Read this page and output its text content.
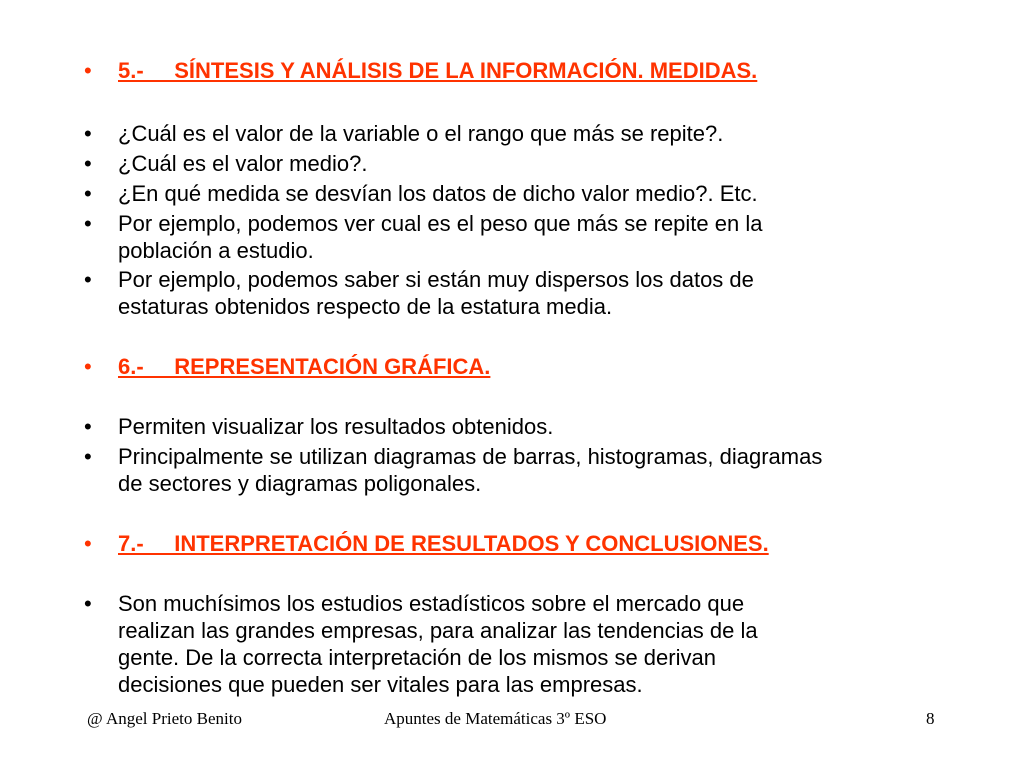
•	5.-     SÍNTESIS Y ANÁLISIS DE LA INFORMACIÓN. MEDIDAS.
•	¿Cuál es el valor de la variable o el rango que más se repite?.
•	¿Cuál es el valor medio?.
•	¿En qué medida se desvían los datos de dicho valor medio?. Etc.
•	Por ejemplo, podemos ver cual es el peso que más se repite en la
población a estudio.
•	Por ejemplo, podemos saber si están muy dispersos los datos de
estaturas obtenidos respecto de la estatura media.
•	6.-     REPRESENTACIÓN GRÁFICA.
•	Permiten visualizar los resultados obtenidos.
•	Principalmente se utilizan diagramas de barras, histogramas, diagramas
de sectores y diagramas poligonales.
•	7.-     INTERPRETACIÓN DE RESULTADOS Y CONCLUSIONES.
•	Son muchísimos los estudios estadísticos sobre el mercado que
realizan las grandes empresas, para analizar las tendencias de la
gente. De la correcta interpretación de los mismos se derivan
decisiones que pueden ser vitales para las empresas.
@ Angel Prieto Benito	Apuntes de Matemáticas 3º ESO	8
